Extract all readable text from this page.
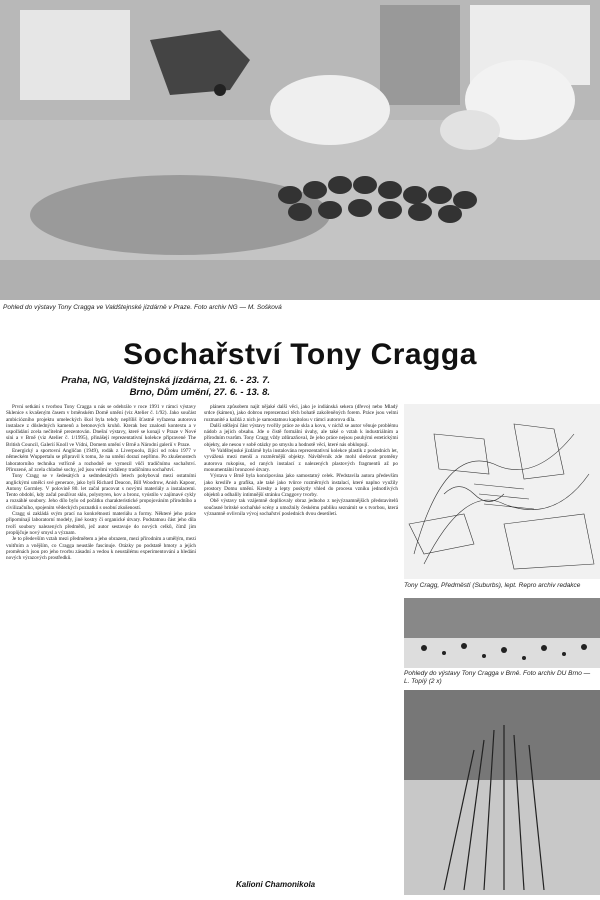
Pohled do výstavy Tony Cragga ve Valdštejnské jízdárně v Praze. Foto archiv NG — M. Sošková
Tony Cragg, Předměstí (Suburbs), lept. Repro archiv redakce
Pohledy do výstavy Tony Cragga v Brně. Foto archiv DU Brno — L. Topíý (2 x)
Sochařství Tony Cragga
Praha, NG, Valdštejnská jízdárna, 21. 6. - 23. 7.
Brno, Dům umění, 27. 6. - 13. 8.

První setkání s tvorbou Tony Cragga u nás se odehrálo v roce 1991 v rámci výstavy Sklenice s kvašeným časem v brněnském Domě umění (viz Atelier č. 1/92). Jako součást ambiciózního projektu umeleckých škol byla tehdy nepříliš šťastně vyřazena autorova instalace z důsledných kamenů a betonových kruhů. Kterak bez znalosti kontextu a v uspořádání zcela nečitelně prezentován. Dnešní výstavy, které se konají v Praze v Nové síni a v Brně (viz Atelier č. 1/1995), přinášejí reprezentativní kolekce připravené The British Council, Galerií Knoll ve Vídni, Domem umění v Brně a Národní galerií v Praze.

Energický a sportovní Angličan (1949), rodák z Liverpoolu, žijící od roku 1977 v německém Wuppertalu se připravil k tomu, že na umění dorazí nepřímo. Po zkušenostech laboratorního technika vstřícně a rozhodně se vymezil vůči tradičnímu sochařství. Přirozené, ač zcela chladné sochy, jež jsou velmi vzdáleny tradičnímu sochařství.

Tony Cragg se v šedesátých a sedmdesátých letech pohyboval mezi ostatními anglickými umělci své generace, jako byli Richard Deacon, Bill Woodrow, Anish Kapoor, Antony Gormley. V polovině 80. let začal pracovat s novými materiály a instalacemi. Tento období, kdy začal používat sklo, polystyren, kov a bronz, vyústilo v zajímavé cykly a rozsáhlé soubory. Jeho dílo bylo od počátku charakteristické propojováním přírodního a civilizačního, spojením vědeckých poznatků s osobní zkušeností.

Cragg si zakládá svým prací na konkrétnosti materiálu a formy. Některé jeho práce připomínají laboratorní modely, jiné kostry či organické útvary. Podstatnou část jeho díla tvoří soubory nalezených předmětů, jež autor sestavuje do nových celků, čímž jim propůjčuje nový smysl a význam.

Je to především vztah mezi předmětem a jeho obrazem, mezi přírodním a umělým, mezi vnitřním a vnějším, co Cragga neustále fascinuje. Otázky po podstatě hmoty a jejích proměnách jsou pro jeho tvorbu zásadní a vedou k neustálému experimentování a hledání nových výrazových prostředků.

plánem způsobem najít nějaké další věci, jako je indiánská sekera (dřevo) nebo Mladý srdce (kámen), jako dobrou reprezentaci těch bohatě zakořeněných forem. Práce jsou velmi rozmanité a každá z nich je samostatnou kapitolou v rámci autorova díla.

Další stěžejní část výstavy tvořily práce ze skla a kovu, v nichž se autor věnuje problému nádob a jejich obsahu. Jde o čistě formální úvahy, ale také o vztah k industriálním a přírodním tvarům. Tony Cragg vždy zdůrazňoval, že jeho práce nejsou pouhými estetickými objekty, ale nesou v sobě otázky po smyslu a hodnotě věcí, které nás obklopují.

Ve Valdštejnské jízdárně byla instalována reprezentativní kolekce plastik z posledních let, vyvážená mezi menší a rozměrnější objekty. Návštěvník zde mohl sledovat proměny autorova rukopisu, od raných instalací z nalezených plastových fragmentů až po monumentální bronzové útvary.

Výstava v Brně byla koncipována jako samostatný celek. Představila autora především jako kreslíře a grafika, ale také jako tvůrce rozměrných instalací, které naplno využily prostory Domu umění. Kresby a lepty poskytly vhled do procesu vzniku jednotlivých objektů a odhalily intimnější stránku Craggovy tvorby.

Obě výstavy tak vzájemně doplňovaly obraz jednoho z nejvýznamnějších představitelů současné britské sochařské scény a umožnily českému publiku seznámit se s tvorbou, která významně ovlivnila vývoj sochařství posledních dvou desetiletí.

Kalioni Chamonikola
